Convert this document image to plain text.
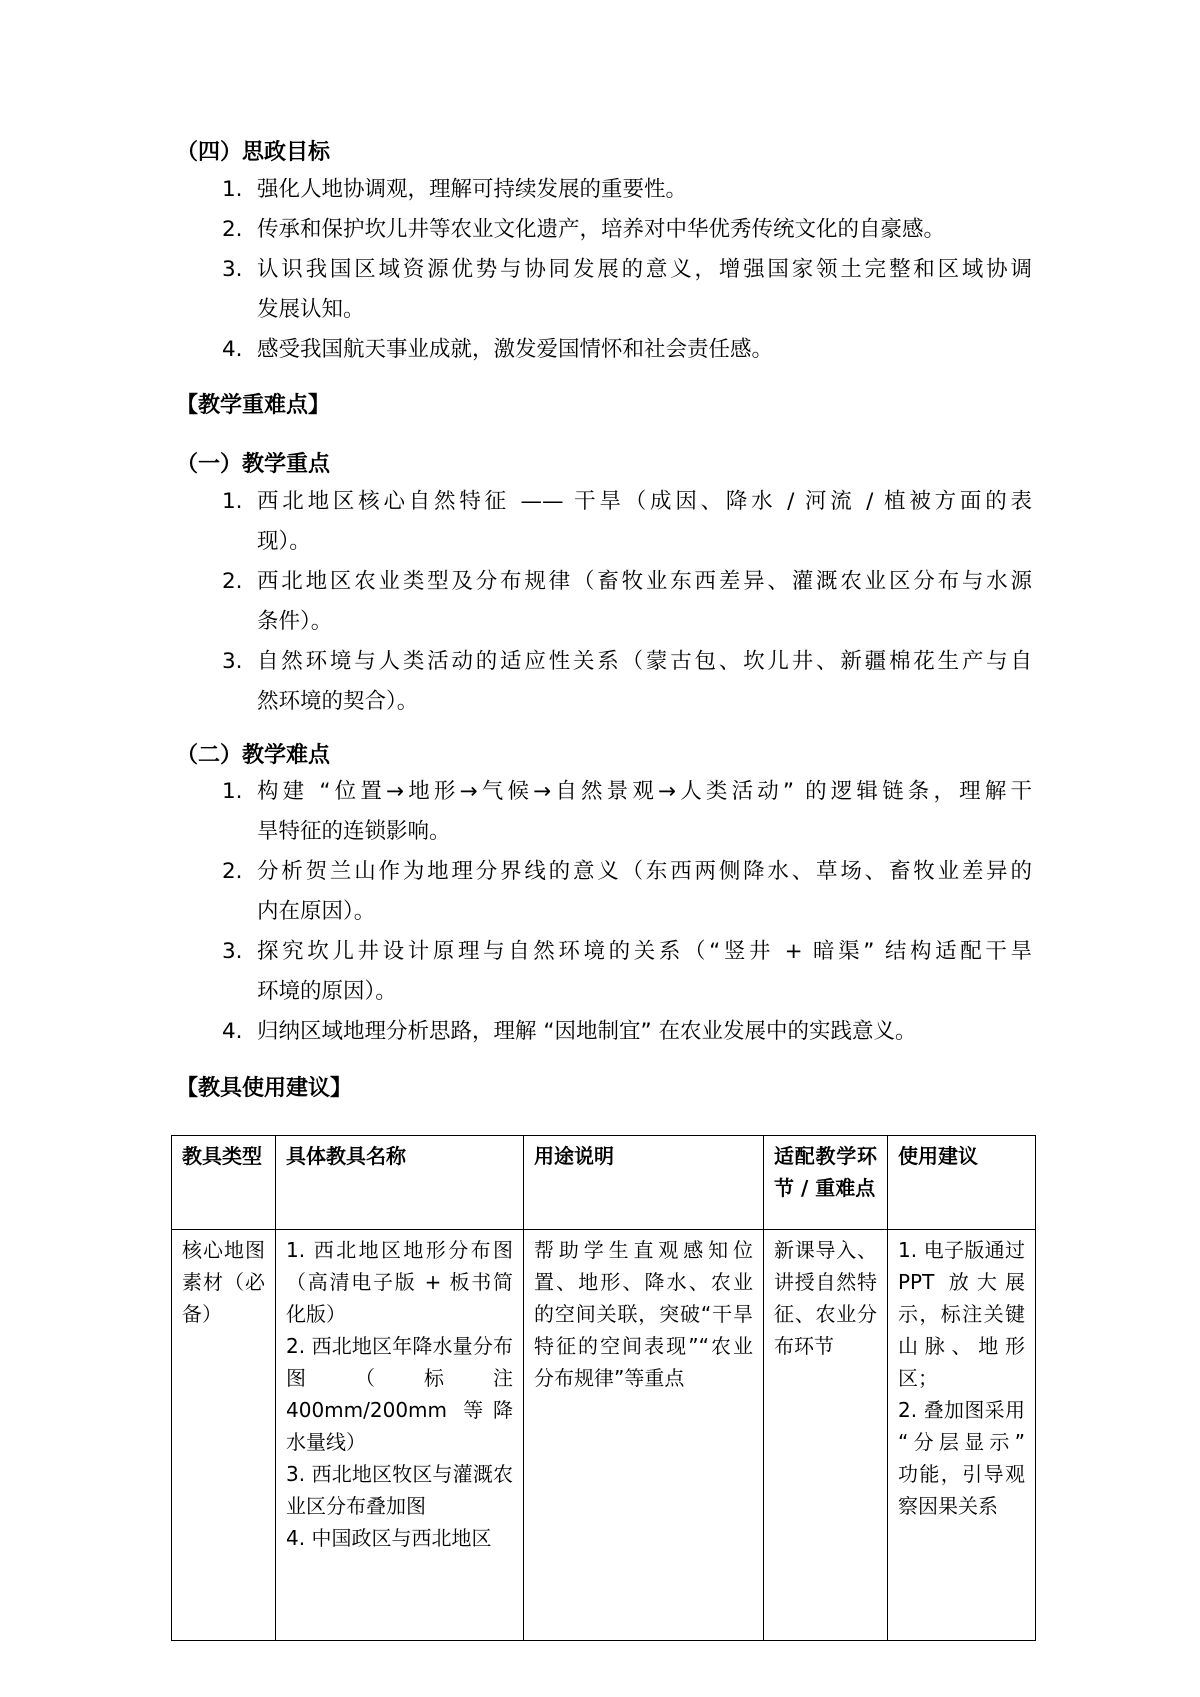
（四）思政目标
1. 强化人地协调观，理解可持续发展的重要性。
2. 传承和保护坎儿井等农业文化遗产，培养对中华优秀传统文化的自豪感。
3. 认识我国区域资源优势与协同发展的意义，增强国家领土完整和区域协调
发展认知。
4. 感受我国航天事业成就，激发爱国情怀和社会责任感。
【教学重难点】
（一）教学重点
1. 西北地区核心自然特征 —— 干旱（成因、降水 / 河流 / 植被方面的表
现）。
2. 西北地区农业类型及分布规律（畜牧业东西差异、灌溉农业区分布与水源
条件）。
3. 自然环境与人类活动的适应性关系（蒙古包、坎儿井、新疆棉花生产与自
然环境的契合）。
（二）教学难点
1. 构建 “位置→地形→气候→自然景观→人类活动” 的逻辑链条，理解干
旱特征的连锁影响。
2. 分析贺兰山作为地理分界线的意义（东西两侧降水、草场、畜牧业差异的
内在原因）。
3. 探究坎儿井设计原理与自然环境的关系（“竖井 + 暗渠” 结构适配干旱
环境的原因）。
4. 归纳区域地理分析思路，理解 “因地制宜” 在农业发展中的实践意义。
【教具使用建议】
教具类型	具体教具名称	用途说明	适配教学环节 / 重难点	使用建议

核心地图素材（必备）	1. 西北地区地形分布图（高清电子版 + 板书简化版）
2. 西北地区年降水量分布图（标注400mm/200mm 等降水量线）
3. 西北地区牧区与灌溉农业区分布叠加图
4. 中国政区与西北地区	帮助学生直观感知位置、地形、降水、农业的空间关联，突破“干旱特征的空间表现”“农业分布规律”等重点	新课导入、讲授自然特征、农业分布环节	1. 电子版通过 PPT 放大展示，标注关键山脉、地形区；
2. 叠加图采用 “分层显示” 功能，引导观察因果关系
